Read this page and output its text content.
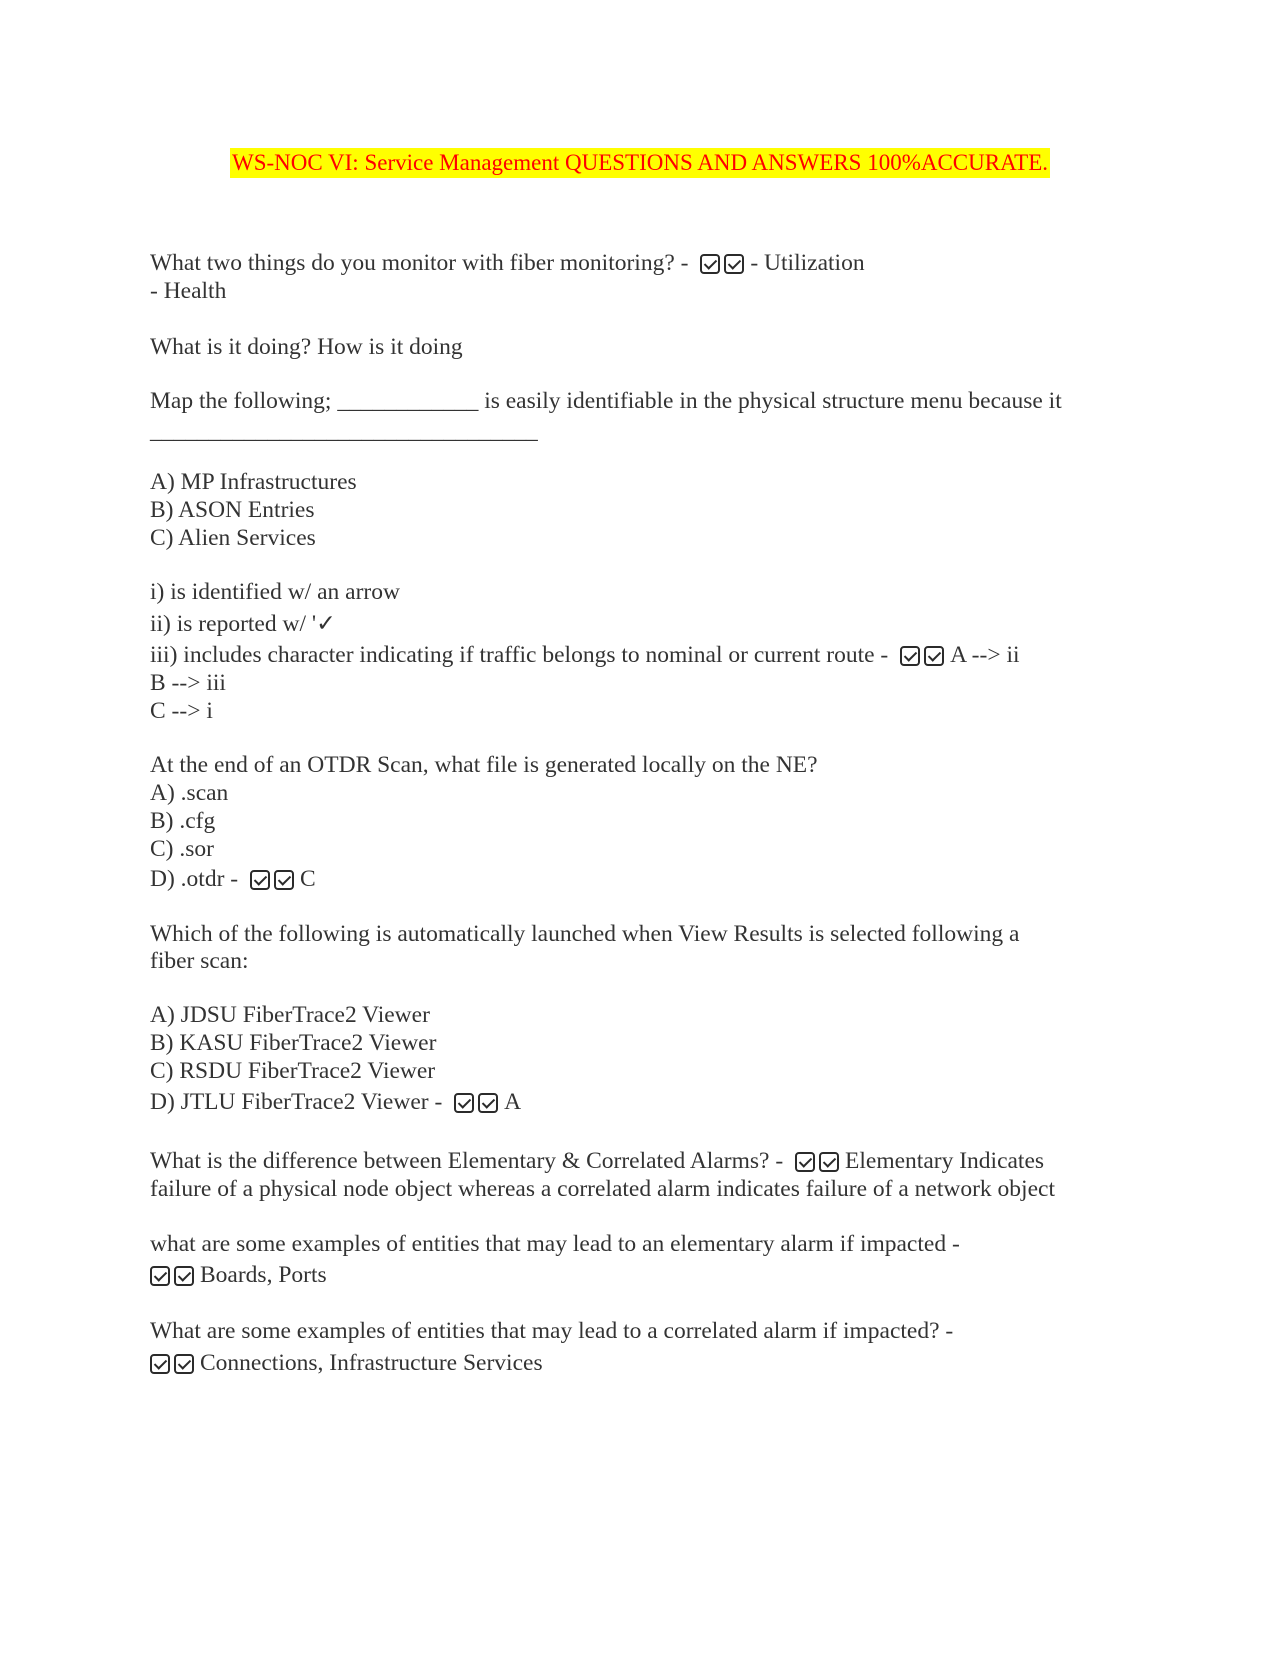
WS-NOC VI: Service Management QUESTIONS AND ANSWERS 100%ACCURATE.
What two things do you monitor with fiber monitoring? -	- Utilization
- Health
What is it doing? How is it doing
Map the following; ____________ is easily identifiable in the physical structure menu because it
_________________________________
A) MP Infrastructures
B) ASON Entries
C) Alien Services
i) is identified w/ an arrow
ii) is reported w/ '✓
iii) includes character indicating if traffic belongs to nominal or current route -	A --> ii
B --> iii
C --> i
At the end of an OTDR Scan, what file is generated locally on the NE?
A) .scan
B) .cfg
C) .sor
D) .otdr -	C
Which of the following is automatically launched when View Results is selected following a
fiber scan:
A) JDSU FiberTrace2 Viewer
B) KASU FiberTrace2 Viewer
C) RSDU FiberTrace2 Viewer
D) JTLU FiberTrace2 Viewer -	A
What is the difference between Elementary & Correlated Alarms? -	Elementary Indicates
failure of a physical node object whereas a correlated alarm indicates failure of a network object
what are some examples of entities that may lead to an elementary alarm if impacted -
Boards, Ports
What are some examples of entities that may lead to a correlated alarm if impacted? -
Connections, Infrastructure Services
